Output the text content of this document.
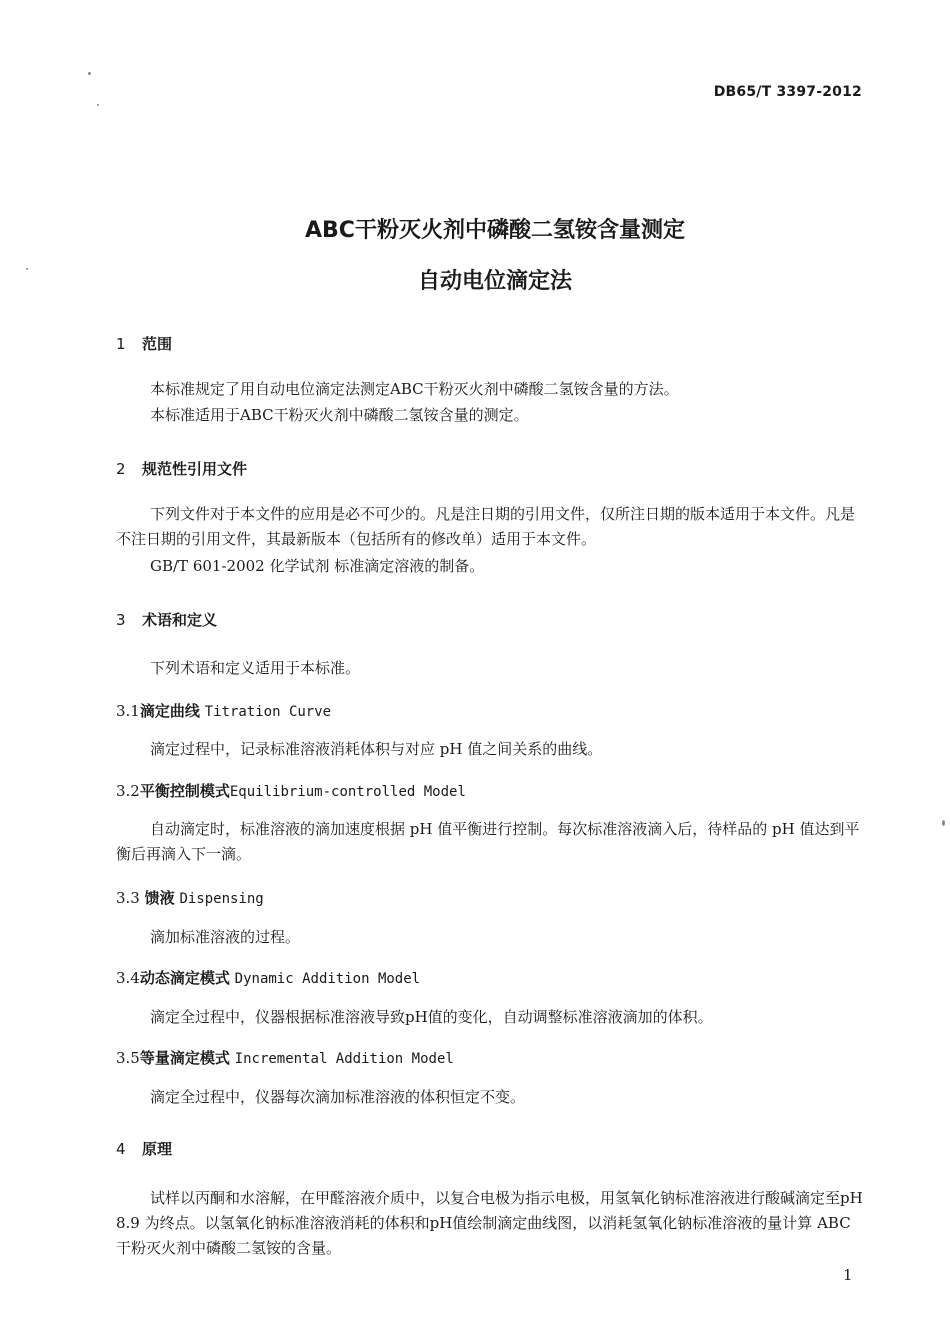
DB65/T 3397-2012
ABC干粉灭火剂中磷酸二氢铵含量测定
自动电位滴定法
1 范围
本标准规定了用自动电位滴定法测定ABC干粉灭火剂中磷酸二氢铵含量的方法。
本标准适用于ABC干粉灭火剂中磷酸二氢铵含量的测定。
2 规范性引用文件
下列文件对于本文件的应用是必不可少的。凡是注日期的引用文件，仅所注日期的版本适用于本文件。凡是不注日期的引用文件，其最新版本（包括所有的修改单）适用于本文件。
GB/T 601-2002 化学试剂 标准滴定溶液的制备。
3 术语和定义
下列术语和定义适用于本标准。
3.1滴定曲线 Titration Curve
滴定过程中，记录标准溶液消耗体积与对应 pH 值之间关系的曲线。
3.2平衡控制模式Equilibrium-controlled Model
自动滴定时，标准溶液的滴加速度根据 pH 值平衡进行控制。每次标准溶液滴入后，待样品的 pH 值达到平衡后再滴入下一滴。
3.3 馈液 Dispensing
滴加标准溶液的过程。
3.4动态滴定模式 Dynamic Addition Model
滴定全过程中，仪器根据标准溶液导致pH值的变化，自动调整标准溶液滴加的体积。
3.5等量滴定模式 Incremental Addition Model
滴定全过程中，仪器每次滴加标准溶液的体积恒定不变。
4 原理
试样以丙酮和水溶解，在甲醛溶液介质中，以复合电极为指示电极，用氢氧化钠标准溶液进行酸碱滴定至pH 8.9 为终点。以氢氧化钠标准溶液消耗的体积和pH值绘制滴定曲线图，以消耗氢氧化钠标准溶液的量计算 ABC 干粉灭火剂中磷酸二氢铵的含量。
1
